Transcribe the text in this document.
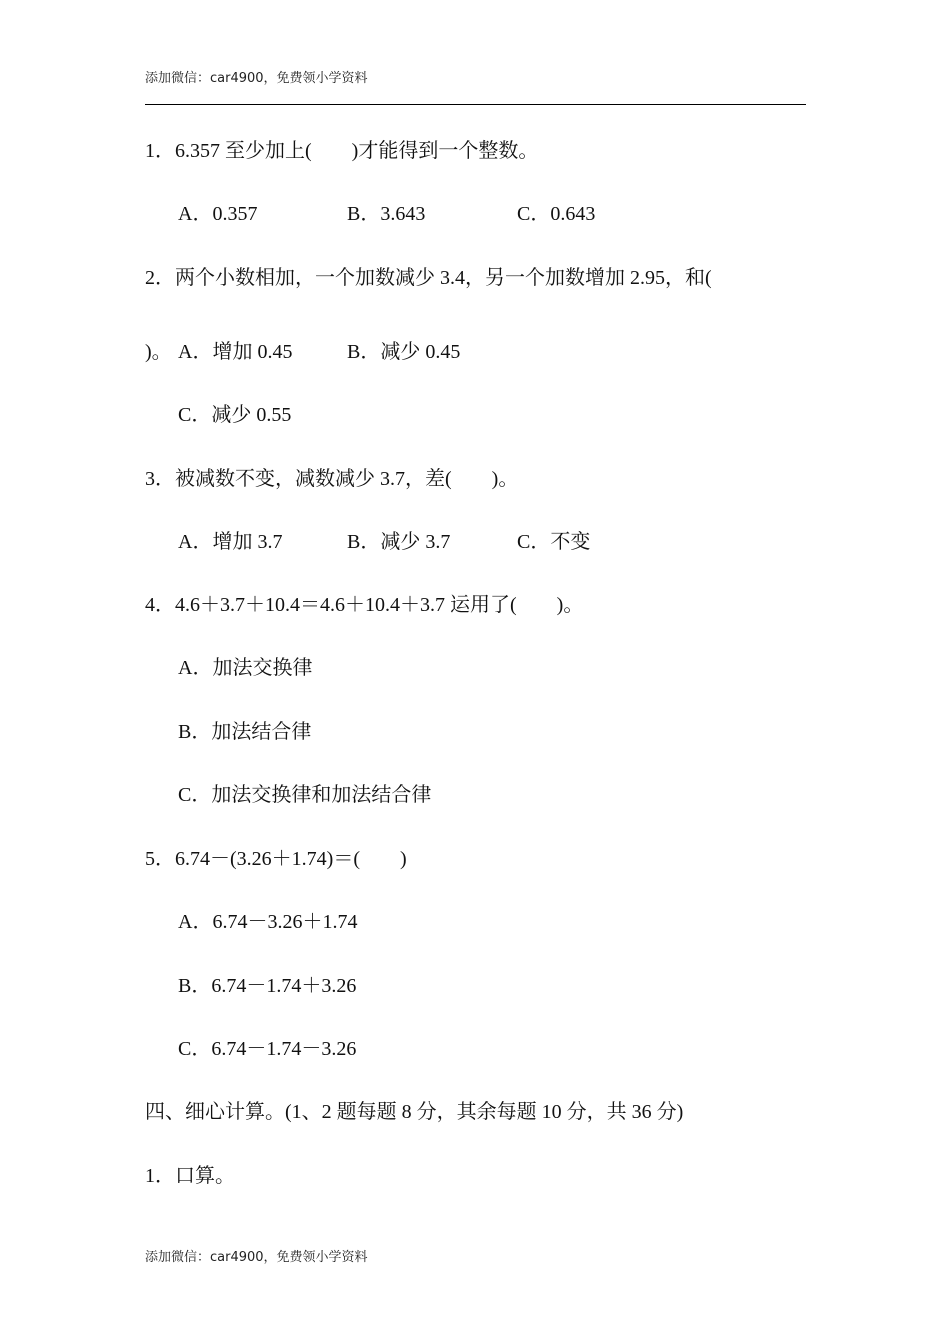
添加微信：car4900，免费领小学资料
1．6.357 至少加上(　　)才能得到一个整数。
A．0.357	B．3.643	C．0.643
2．两个小数相加，一个加数减少 3.4，另一个加数增加 2.95，和(
)。 A．增加 0.45	B．减少 0.45
C．减少 0.55
3．被减数不变，减数减少 3.7，差(　　)。
A．增加 3.7	B．减少 3.7	C．不变
4．4.6＋3.7＋10.4＝4.6＋10.4＋3.7 运用了(　　)。
A．加法交换律
B．加法结合律
C．加法交换律和加法结合律
5．6.74－(3.26＋1.74)＝(　　)
A．6.74－3.26＋1.74
B．6.74－1.74＋3.26
C．6.74－1.74－3.26
四、细心计算。(1、2 题每题 8 分，其余每题 10 分，共 36 分)
1．口算。
添加微信：car4900，免费领小学资料
